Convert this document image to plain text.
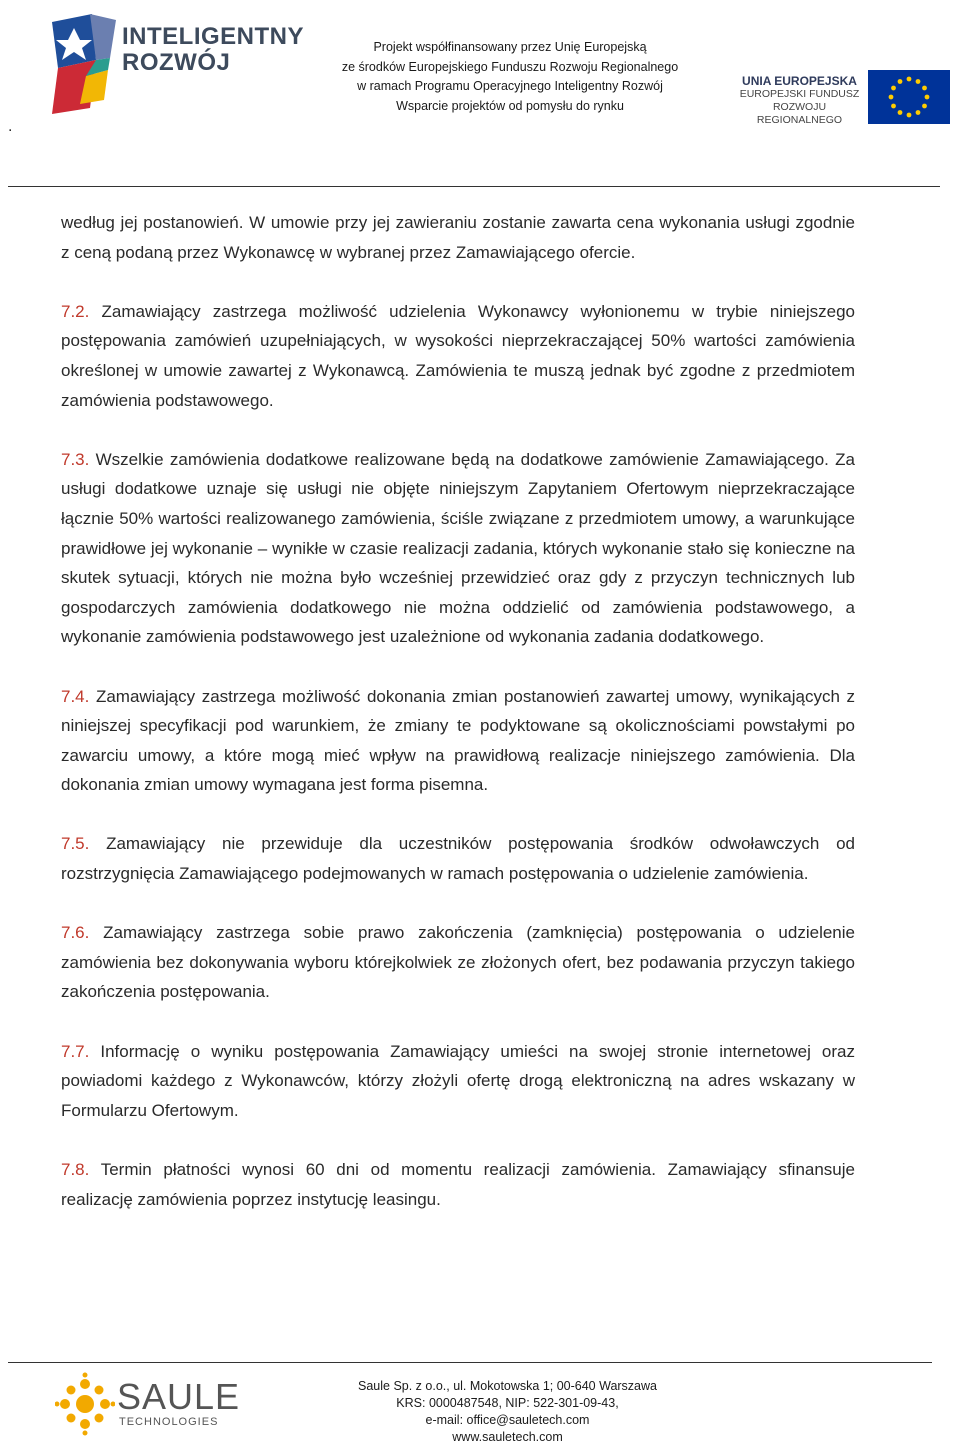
.
INTELIGENTNY
ROZWÓJ
Projekt współfinansowany przez Unię Europejską
ze środków Europejskiego Funduszu Rozwoju Regionalnego
w ramach Programu Operacyjnego Inteligentny Rozwój
Wsparcie projektów od pomysłu do rynku
UNIA EUROPEJSKA
EUROPEJSKI FUNDUSZ
ROZWOJU REGIONALNEGO

według jej postanowień. W umowie przy jej zawieraniu zostanie zawarta cena wykonania usługi zgodnie z ceną podaną przez Wykonawcę w wybranej przez Zamawiającego ofercie.

7.2. Zamawiający zastrzega możliwość udzielenia Wykonawcy wyłonionemu w trybie niniejszego postępowania zamówień uzupełniających, w wysokości nieprzekraczającej 50% wartości zamówienia określonej w umowie zawartej z Wykonawcą. Zamówienia te muszą jednak być zgodne z przedmiotem zamówienia podstawowego.

7.3. Wszelkie zamówienia dodatkowe realizowane będą na dodatkowe zamówienie Zamawiającego. Za usługi dodatkowe uznaje się usługi nie objęte niniejszym Zapytaniem Ofertowym nieprzekraczające łącznie 50% wartości realizowanego zamówienia, ściśle związane z przedmiotem umowy, a warunkujące prawidłowe jej wykonanie – wynikłe w czasie realizacji zadania, których wykonanie stało się konieczne na skutek sytuacji, których nie można było wcześniej przewidzieć oraz gdy z przyczyn technicznych lub gospodarczych zamówienia dodatkowego nie można oddzielić od zamówienia podstawowego, a wykonanie zamówienia podstawowego jest uzależnione od wykonania zadania dodatkowego.

7.4. Zamawiający zastrzega możliwość dokonania zmian postanowień zawartej umowy, wynikających z niniejszej specyfikacji pod warunkiem, że zmiany te podyktowane są okolicznościami powstałymi po zawarciu umowy, a które mogą mieć wpływ na prawidłową realizacje niniejszego zamówienia. Dla dokonania zmian umowy wymagana jest forma pisemna.

7.5. Zamawiający nie przewiduje dla uczestników postępowania środków odwoławczych od rozstrzygnięcia Zamawiającego podejmowanych w ramach postępowania o udzielenie zamówienia.

7.6. Zamawiający zastrzega sobie prawo zakończenia (zamknięcia) postępowania o udzielenie zamówienia bez dokonywania wyboru którejkolwiek ze złożonych ofert, bez podawania przyczyn takiego zakończenia postępowania.

7.7. Informację o wyniku postępowania Zamawiający umieści na swojej stronie internetowej oraz powiadomi każdego z Wykonawców, którzy złożyli ofertę drogą elektroniczną na adres wskazany w Formularzu Ofertowym.

7.8. Termin płatności wynosi 60 dni od momentu realizacji zamówienia. Zamawiający sfinansuje realizację zamówienia poprzez instytucję leasingu.

SAULE
TECHNOLOGIES
Saule Sp. z o.o., ul. Mokotowska 1; 00-640 Warszawa
KRS: 0000487548, NIP: 522-301-09-43,
e-mail: office@sauletech.com
www.sauletech.com
